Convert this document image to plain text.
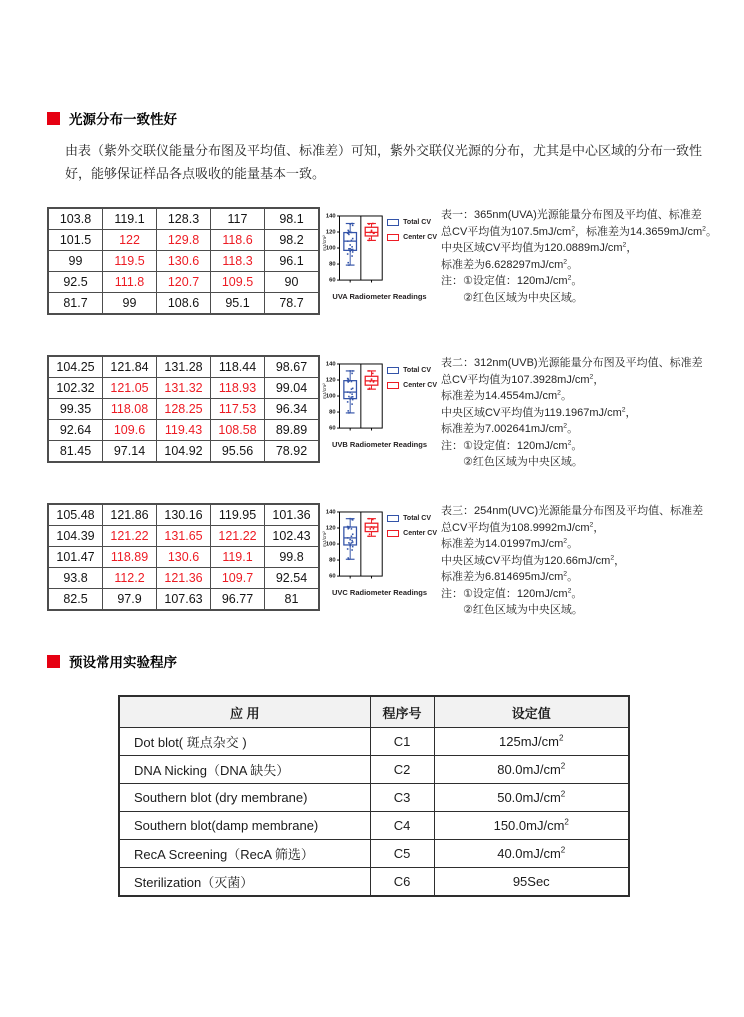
光源分布一致性好
由表（紫外交联仪能量分布图及平均值、标准差）可知，紫外交联仪光源的分布，尤其是中心区域的分布一致性
好，能够保证样品各点吸收的能量基本一致。
103.8	119.1	128.3	117	98.1
101.5	122	129.8	118.6	98.2
99	119.5	130.6	118.3	96.1
92.5	111.8	120.7	109.5	90
81.7	99	108.6	95.1	78.7
60
80
100
120
140
mJ/cm²
Total CV
Center CV
UVA Radiometer Readings
表一：365nm(UVA)光源能量分布图及平均值、标准差
总CV平均值为$107.5mJ/cm^2$，标准差为$14.3659mJ/cm^2$。
中央区域CV平均值为$120.0889mJ/cm^2$，
标准差为$6.628297mJ/cm^2$。
注：①设定值：$120mJ/cm^2$。
②红色区域为中央区域。
104.25	121.84	131.28	118.44	98.67
102.32	121.05	131.32	118.93	99.04
99.35	118.08	128.25	117.53	96.34
92.64	109.6	119.43	108.58	89.89
81.45	97.14	104.92	95.56	78.92
60
80
100
120
140
mJ/cm²
Total CV
Center CV
UVB Radiometer Readings
表二：312nm(UVB)光源能量分布图及平均值、标准差
总CV平均值为$107.3928mJ/cm^2$，
标准差为$14.4554mJ/cm^2$。
中央区域CV平均值为$119.1967mJ/cm^2$，
标准差为$7.002641mJ/cm^2$。
注：①设定值：$120mJ/cm^2$。
②红色区域为中央区域。
105.48	121.86	130.16	119.95	101.36
104.39	121.22	131.65	121.22	102.43
101.47	118.89	130.6	119.1	99.8
93.8	112.2	121.36	109.7	92.54
82.5	97.9	107.63	96.77	81
60
80
100
120
140
mJ/cm²
Total CV
Center CV
UVC Radiometer Readings
表三：254nm(UVC)光源能量分布图及平均值、标准差
总CV平均值为$108.9992mJ/cm^2$，
标准差为$14.01997mJ/cm^2$。
中央区域CV平均值为$120.66mJ/cm^2$，
标准差为$6.814695mJ/cm^2$。
注：①设定值：$120mJ/cm^2$。
②红色区域为中央区域。
预设常用实验程序
应 用	程序号	设定值
Dot blot( 斑点杂交 )	C1	$125mJ/cm^2$
DNA Nicking（DNA 缺失）	C2	$80.0mJ/cm^2$
Southern blot (dry membrane)	C3	$50.0mJ/cm^2$
Southern blot(damp membrane)	C4	$150.0mJ/cm^2$
RecA Screening（RecA 筛选）	C5	$40.0mJ/cm^2$
Sterilization（灭菌）	C6	95Sec
